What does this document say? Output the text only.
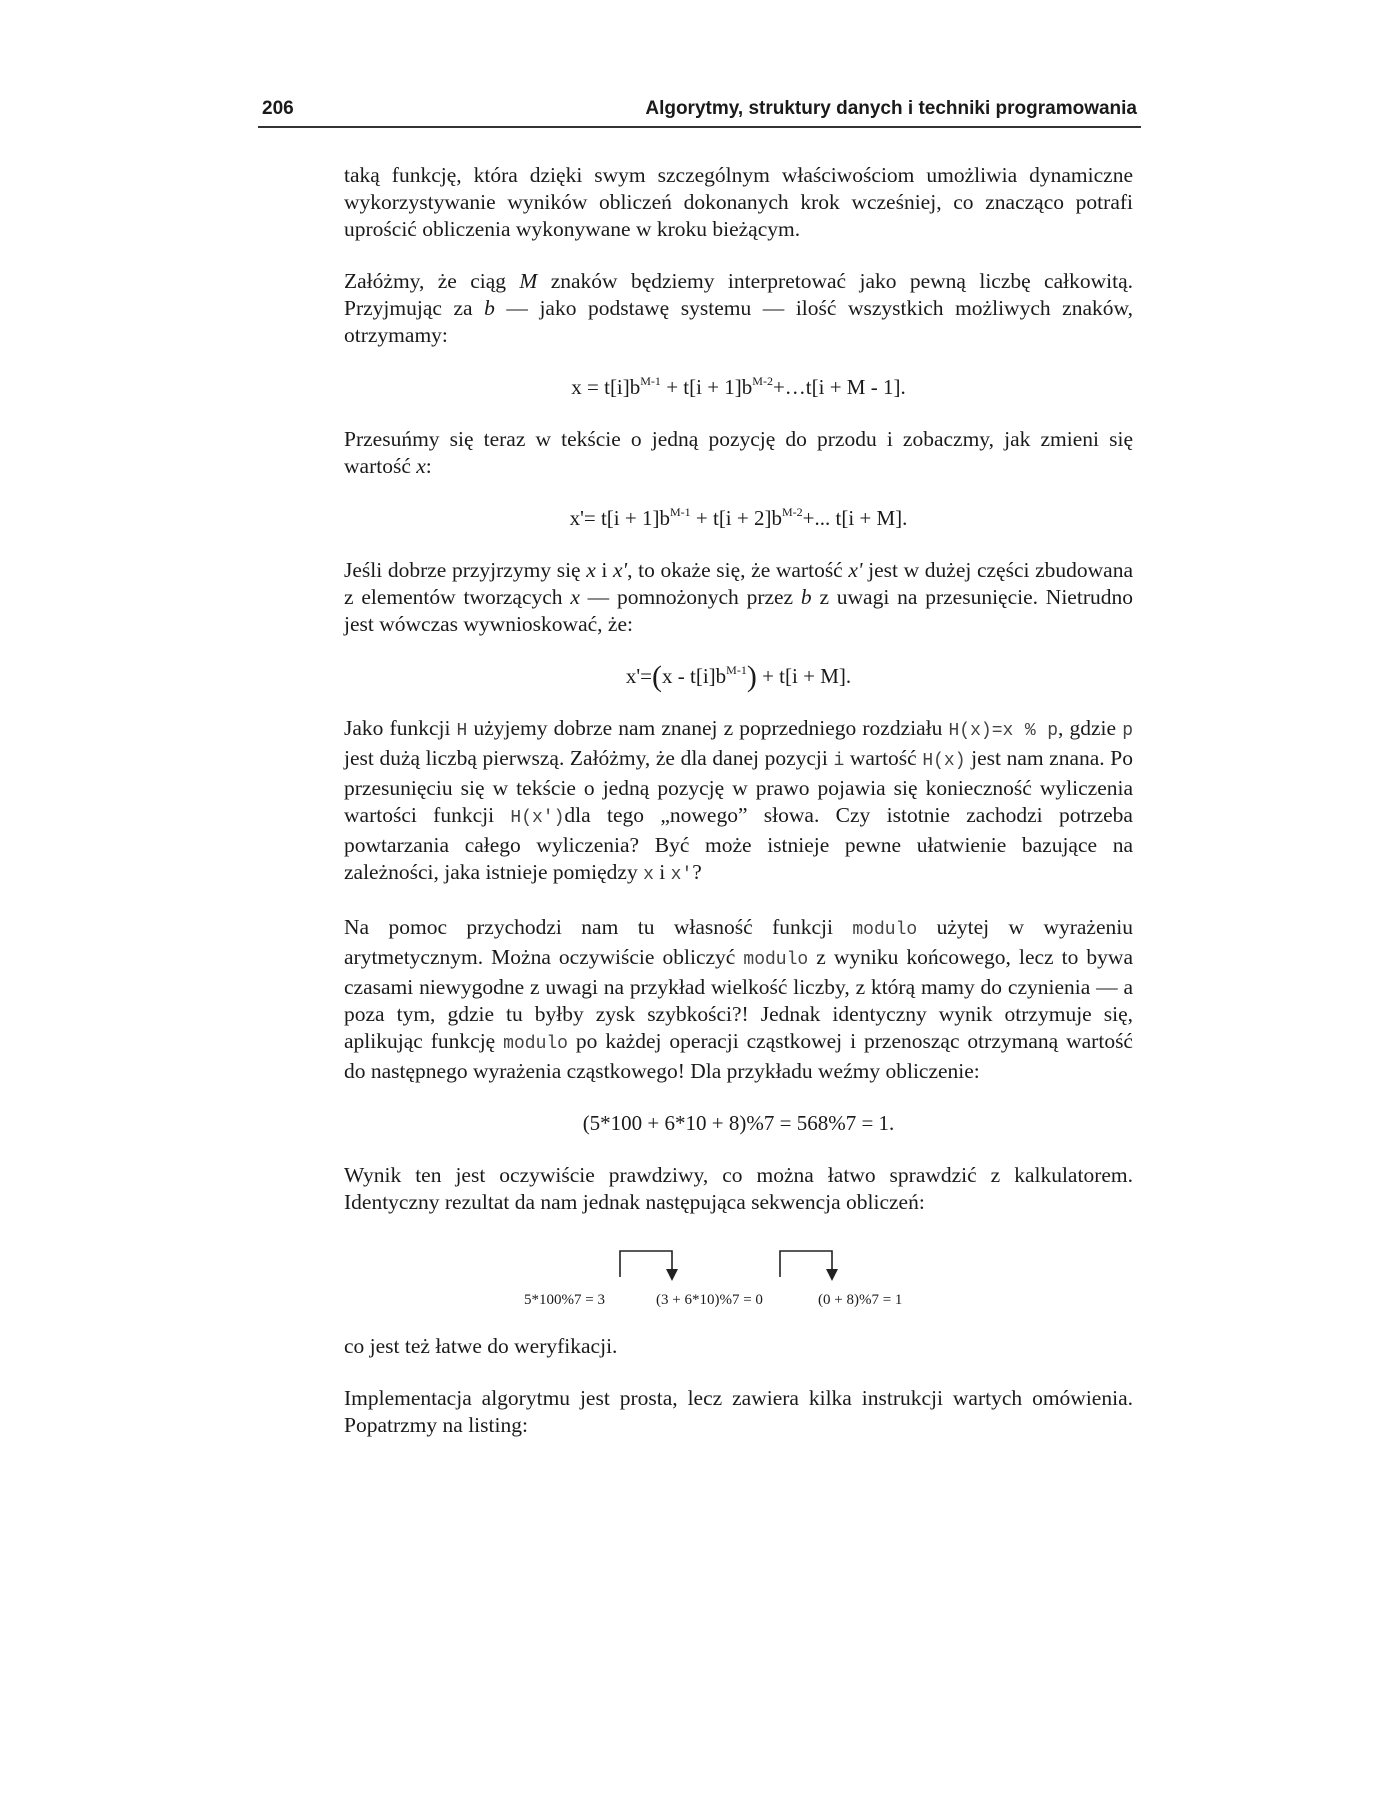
206	Algorytmy, struktury danych i techniki programowania

taką funkcję, która dzięki swym szczególnym właściwościom umożliwia dynamiczne wykorzystywanie wyników obliczeń dokonanych krok wcześniej, co znacząco potrafi uprościć obliczenia wykonywane w kroku bieżącym.

Załóżmy, że ciąg M znaków będziemy interpretować jako pewną liczbę całkowitą. Przyjmując za b — jako podstawę systemu — ilość wszystkich możliwych znaków, otrzymamy:

$x = t[i]b^{M-1} + t[i$ + $1]b^{M-2}+\dots t[i + M - 1]$.

Przesuńmy się teraz w tekście o jedną pozycję do przodu i zobaczmy, jak zmieni się wartość x:

$x'= t[i + 1]b^{M-1} + t[i + 2]b^{M-2}+$... t[i + M].

Jeśli dobrze przyjrzymy się x i x', to okaże się, że wartość x' jest w dużej części zbudowana z elementów tworzących x — pomnożonych przez b z uwagi na przesunięcie. Nietrudno jest wówczas wywnioskować, że:

$x'=(x - t[i]b^{M-1}) + t[i + M]$.

Jako funkcji H użyjemy dobrze nam znanej z poprzedniego rozdziału H(x)=x % p, gdzie p jest dużą liczbą pierwszą. Załóżmy, że dla danej pozycji i wartość H(x) jest nam znana. Po przesunięciu się w tekście o jedną pozycję w prawo pojawia się konieczność wyliczenia wartości funkcji H(x')dla tego „nowego” słowa. Czy istotnie zachodzi potrzeba powtarzania całego wyliczenia? Być może istnieje pewne ułatwienie bazujące na zależności, jaka istnieje pomiędzy x i x'?

Na pomoc przychodzi nam tu własność funkcji modulo użytej w wyrażeniu arytmetycznym. Można oczywiście obliczyć modulo z wyniku końcowego, lecz to bywa czasami niewygodne z uwagi na przykład wielkość liczby, z którą mamy do czynienia — a poza tym, gdzie tu byłby zysk szybkości?! Jednak identyczny wynik otrzymuje się, aplikując funkcję modulo po każdej operacji cząstkowej i przenosząc otrzymaną wartość do następnego wyrażenia cząstkowego! Dla przykładu weźmy obliczenie:

(5*100 + 6*10 + 8)%7 = 568%7 = 1.

Wynik ten jest oczywiście prawdziwy, co można łatwo sprawdzić z kalkulatorem. Identyczny rezultat da nam jednak następująca sekwencja obliczeń:

5*100%7 = 3	(3 + 6*10)%7 = 0	(0 + 8)%7 = 1

co jest też łatwe do weryfikacji.

Implementacja algorytmu jest prosta, lecz zawiera kilka instrukcji wartych omówienia. Popatrzmy na listing:
